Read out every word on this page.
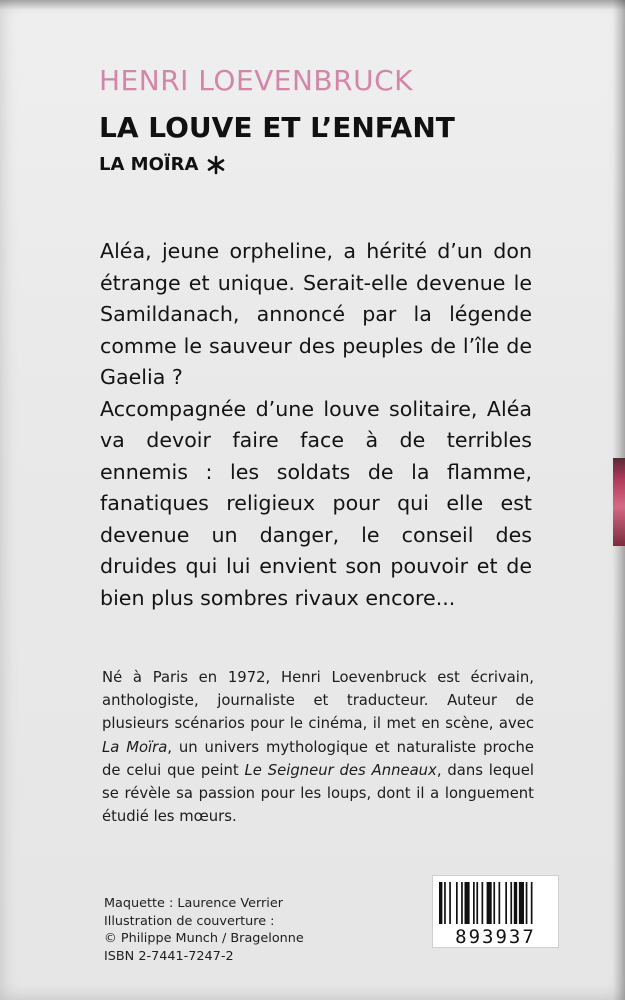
HENRI LOEVENBRUCK
LA LOUVE ET L’ENFANT
LA MOÏRA

Aléa, jeune orpheline, a hérité d’un don étrange et unique. Serait-elle devenue le Samildanach, annoncé par la légende comme le sauveur des peuples de l’île de Gaelia ?

Accompagnée d’une louve solitaire, Aléa va devoir faire face à de terribles ennemis : les soldats de la flamme, fanatiques religieux pour qui elle est devenue un danger, le conseil des druides qui lui envient son pouvoir et de bien plus sombres rivaux encore...

Né à Paris en 1972, Henri Loevenbruck est écrivain, anthologiste, journaliste et traducteur. Auteur de plusieurs scénarios pour le cinéma, il met en scène, avec La Moïra, un univers mythologique et naturaliste proche de celui que peint Le Seigneur des Anneaux, dans lequel se révèle sa passion pour les loups, dont il a longuement étudié les mœurs.

Maquette : Laurence Verrier
Illustration de couverture :
© Philippe Munch / Bragelonne
ISBN 2-7441-7247-2
893937
